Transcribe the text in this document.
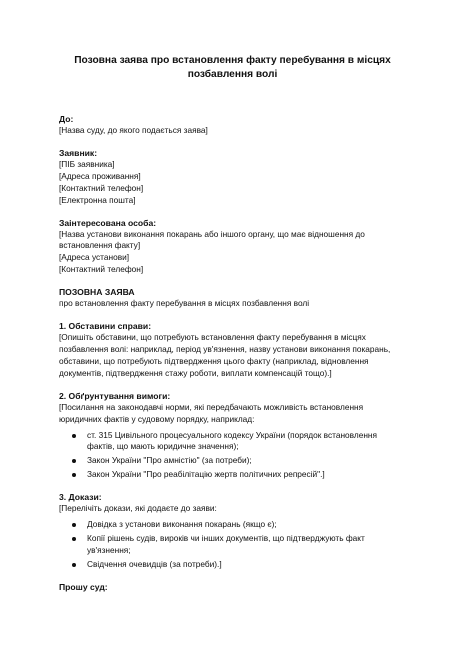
Позовна заява про встановлення факту перебування в місцях позбавлення волі
До:
[Назва суду, до якого подається заява]
Заявник:
[ПІБ заявника]
[Адреса проживання]
[Контактний телефон]
[Електронна пошта]
Заінтересована особа:
[Назва установи виконання покарань або іншого органу, що має відношення до встановлення факту]
[Адреса установи]
[Контактний телефон]
ПОЗОВНА ЗАЯВА
про встановлення факту перебування в місцях позбавлення волі
1. Обставини справи:
[Опишіть обставини, що потребують встановлення факту перебування в місцях позбавлення волі: наприклад, період ув'язнення, назву установи виконання покарань, обставини, що потребують підтвердження цього факту (наприклад, відновлення документів, підтвердження стажу роботи, виплати компенсацій тощо).]
2. Обґрунтування вимоги:
[Посилання на законодавчі норми, які передбачають можливість встановлення юридичних фактів у судовому порядку, наприклад:
ст. 315 Цивільного процесуального кодексу України (порядок встановлення фактів, що мають юридичне значення);
Закон України "Про амністію" (за потреби);
Закон України "Про реабілітацію жертв політичних репресій".]
3. Докази:
[Перелічіть докази, які додаєте до заяви:
Довідка з установи виконання покарань (якщо є);
Копії рішень судів, вироків чи інших документів, що підтверджують факт ув'язнення;
Свідчення очевидців (за потреби).]
Прошу суд:
